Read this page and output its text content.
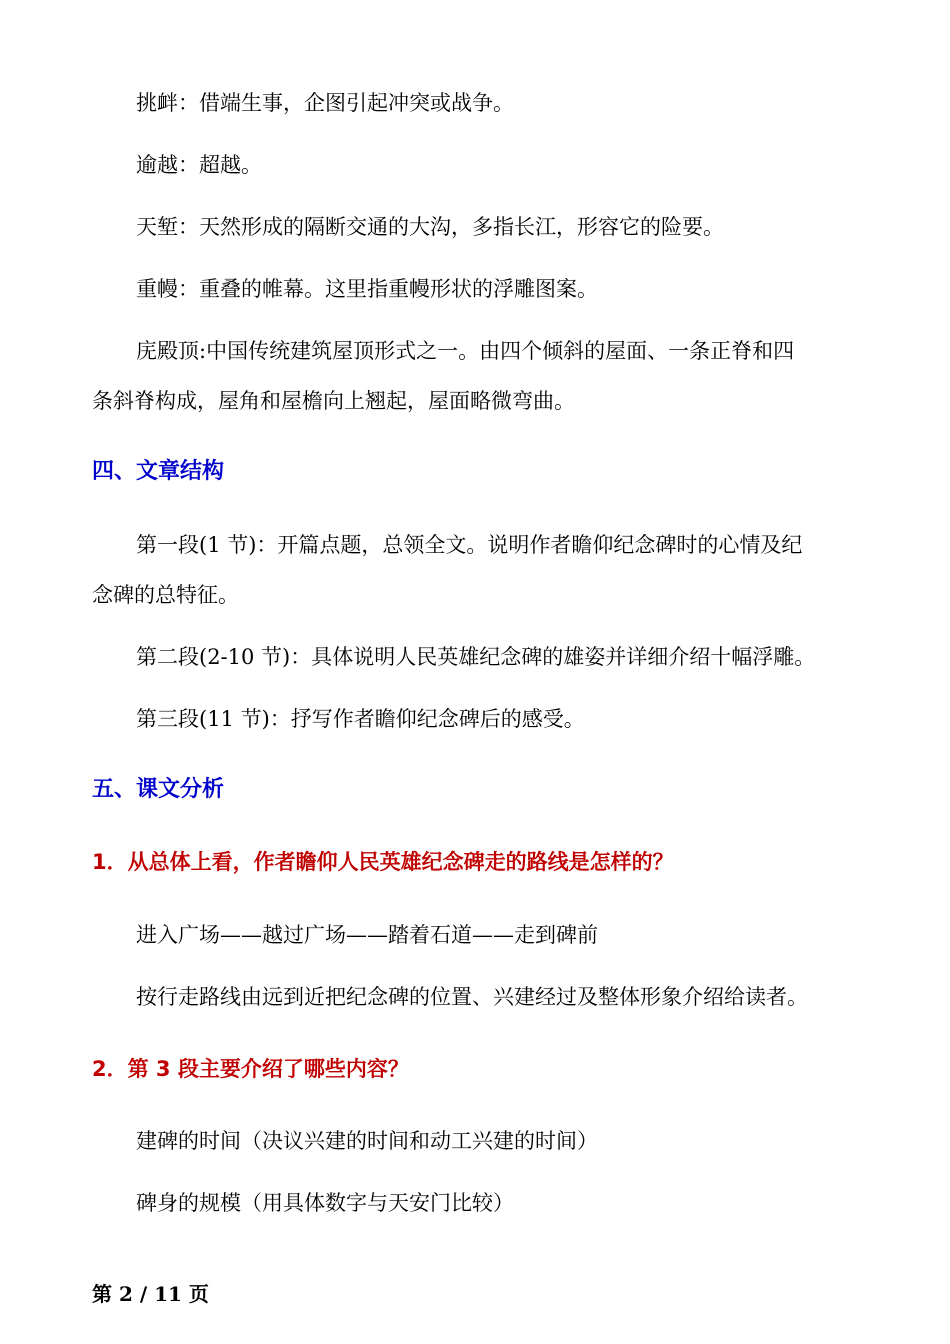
挑衅：借端生事，企图引起冲突或战争。
逾越：超越。
天堑：天然形成的隔断交通的大沟，多指长江，形容它的险要。
重幔：重叠的帷幕。这里指重幔形状的浮雕图案。
庑殿顶:中国传统建筑屋顶形式之一。由四个倾斜的屋面、一条正脊和四
条斜脊构成，屋角和屋檐向上翘起，屋面略微弯曲。
四、文章结构
第一段(1 节)：开篇点题，总领全文。说明作者瞻仰纪念碑时的心情及纪
念碑的总特征。
第二段(2-10 节)：具体说明人民英雄纪念碑的雄姿并详细介绍十幅浮雕。
第三段(11 节)：抒写作者瞻仰纪念碑后的感受。
五、课文分析
1．从总体上看，作者瞻仰人民英雄纪念碑走的路线是怎样的？
进入广场——越过广场——踏着石道——走到碑前
按行走路线由远到近把纪念碑的位置、兴建经过及整体形象介绍给读者。
2．第 3 段主要介绍了哪些内容？
建碑的时间（决议兴建的时间和动工兴建的时间）
碑身的规模（用具体数字与天安门比较）
第 2 / 11 页
